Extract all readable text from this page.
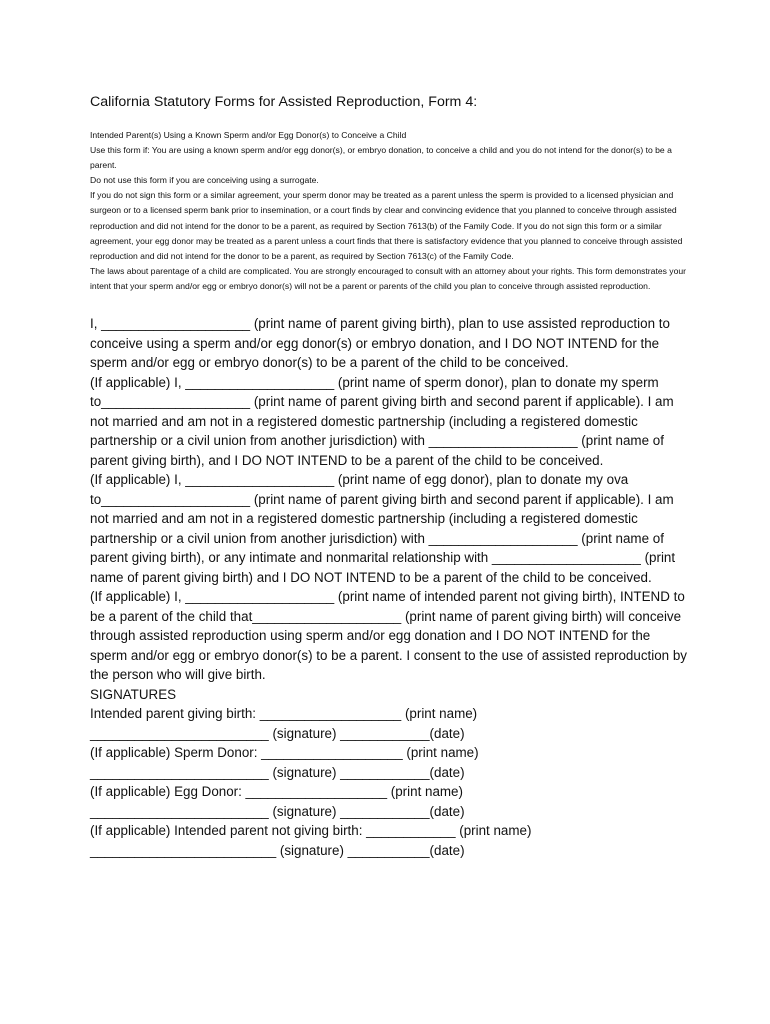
California Statutory Forms for Assisted Reproduction, Form 4:

Intended Parent(s) Using a Known Sperm and/or Egg Donor(s) to Conceive a Child

Use this form if: You are using a known sperm and/or egg donor(s), or embryo donation, to conceive a child and you do not intend for the donor(s) to be a parent.

Do not use this form if you are conceiving using a surrogate.

If you do not sign this form or a similar agreement, your sperm donor may be treated as a parent unless the sperm is provided to a licensed physician and surgeon or to a licensed sperm bank prior to insemination, or a court finds by clear and convincing evidence that you planned to conceive through assisted reproduction and did not intend for the donor to be a parent, as required by Section 7613(b) of the Family Code. If you do not sign this form or a similar agreement, your egg donor may be treated as a parent unless a court finds that there is satisfactory evidence that you planned to conceive through assisted reproduction and did not intend for the donor to be a parent, as required by Section 7613(c) of the Family Code.

The laws about parentage of a child are complicated. You are strongly encouraged to consult with an attorney about your rights. This form demonstrates your intent that your sperm and/or egg or embryo donor(s) will not be a parent or parents of the child you plan to conceive through assisted reproduction.

I, ____________________ (print name of parent giving birth), plan to use assisted reproduction to conceive using a sperm and/or egg donor(s) or embryo donation, and I DO NOT INTEND for the sperm and/or egg or embryo donor(s) to be a parent of the child to be conceived.

(If applicable) I, ____________________ (print name of sperm donor), plan to donate my sperm to____________________ (print name of parent giving birth and second parent if applicable). I am not married and am not in a registered domestic partnership (including a registered domestic partnership or a civil union from another jurisdiction) with ____________________ (print name of parent giving birth), and I DO NOT INTEND to be a parent of the child to be conceived.

(If applicable) I, ____________________ (print name of egg donor), plan to donate my ova to____________________ (print name of parent giving birth and second parent if applicable). I am not married and am not in a registered domestic partnership (including a registered domestic partnership or a civil union from another jurisdiction) with ____________________ (print name of parent giving birth), or any intimate and nonmarital relationship with ____________________ (print name of parent giving birth) and I DO NOT INTEND to be a parent of the child to be conceived.

(If applicable) I, ____________________ (print name of intended parent not giving birth), INTEND to be a parent of the child that____________________ (print name of parent giving birth) will conceive through assisted reproduction using sperm and/or egg donation and I DO NOT INTEND for the sperm and/or egg or embryo donor(s) to be a parent. I consent to the use of assisted reproduction by the person who will give birth.

SIGNATURES

Intended parent giving birth: ___________________ (print name)

________________________ (signature) ____________(date)

(If applicable) Sperm Donor: ___________________ (print name)

________________________ (signature) ____________(date)

(If applicable) Egg Donor: ___________________ (print name)

________________________ (signature) ____________(date)

(If applicable) Intended parent not giving birth: ____________ (print name)

_________________________ (signature) ___________(date)
